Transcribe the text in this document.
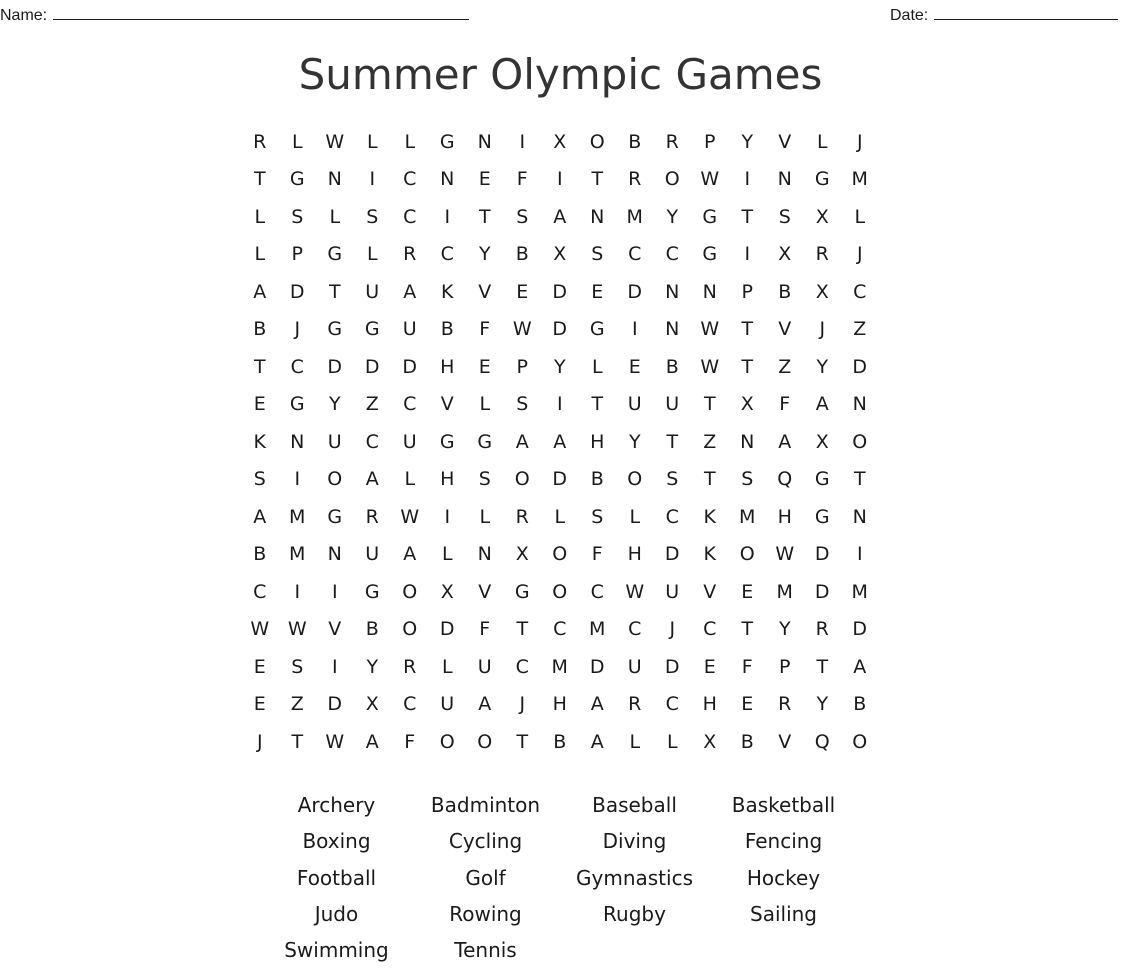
Name:	Date:
Summer Olympic Games
R	L	W	L	L	G	N	I	X	O	B	R	P	Y	V	L	J
T	G	N	I	C	N	E	F	I	T	R	O	W	I	N	G	M
L	S	L	S	C	I	T	S	A	N	M	Y	G	T	S	X	L
L	P	G	L	R	C	Y	B	X	S	C	C	G	I	X	R	J
A	D	T	U	A	K	V	E	D	E	D	N	N	P	B	X	C
B	J	G	G	U	B	F	W	D	G	I	N	W	T	V	J	Z
T	C	D	D	D	H	E	P	Y	L	E	B	W	T	Z	Y	D
E	G	Y	Z	C	V	L	S	I	T	U	U	T	X	F	A	N
K	N	U	C	U	G	G	A	A	H	Y	T	Z	N	A	X	O
S	I	O	A	L	H	S	O	D	B	O	S	T	S	Q	G	T
A	M	G	R	W	I	L	R	L	S	L	C	K	M	H	G	N
B	M	N	U	A	L	N	X	O	F	H	D	K	O	W	D	I
C	I	I	G	O	X	V	G	O	C	W	U	V	E	M	D	M
W W	V	B	O	D	F	T	C	M	C	J	C	T	Y	R	D
E	S	I	Y	R	L	U	C	M	D	U	D	E	F	P	T	A
E	Z	D	X	C	U	A	J	H	A	R	C	H	E	R	Y	B
J	T	W	A	F	O	O	T	B	A	L	L	X	B	V	Q	O
Archery	Badminton	Baseball	Basketball
Boxing	Cycling	Diving	Fencing
Football	Golf	Gymnastics	Hockey
Judo	Rowing	Rugby	Sailing
Swimming	Tennis
